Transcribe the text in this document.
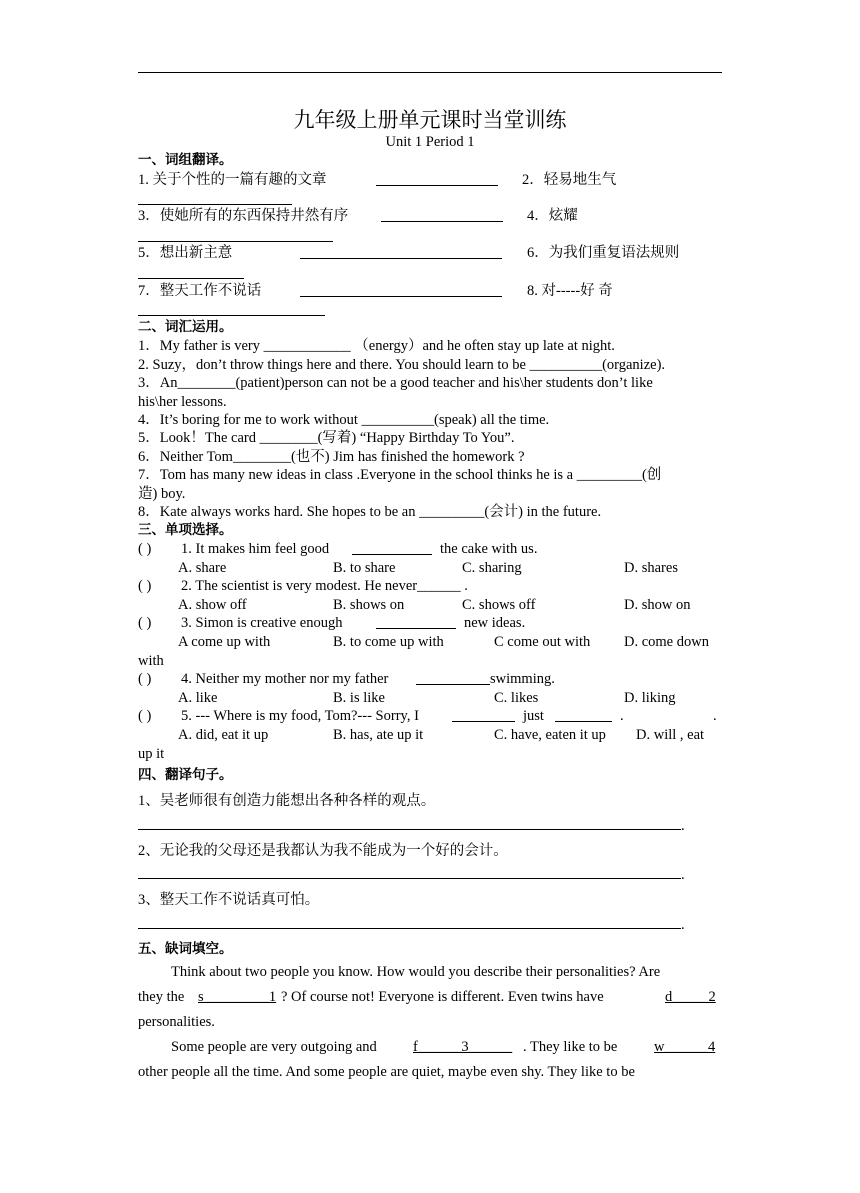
九年级上册单元课时当堂训练
Unit 1 Period 1
一、词组翻译。
1. 关于个性的一篇有趣的文章	2．轻易地生气
3．使她所有的东西保持井然有序	4．炫耀
5．想出新主意	6．为我们重复语法规则
7．整天工作不说话	8. 对-----好 奇
二、词汇运用。
1．My father is very ____________ （energy）and he often stay up late at night.
2. Suzy，don’t throw things here and there. You should learn to be __________(organize).
3．An________(patient)person can not be a good teacher and his\her students don’t like
his\her lessons.
4．It’s boring for me to work without __________(speak) all the time.
5．Look！The card ________(写着) “Happy Birthday To You”.
6．Neither Tom________(也不) Jim has finished the homework ?
7．Tom has many new ideas in class .Everyone in the school thinks he is a _________(创
造) boy.
8．Kate always works hard. She hopes to be an _________(会计) in the future.
三、单项选择。
( ) 1. It makes him feel good	the cake with us.
A. share	B. to share	C. sharing	D. shares
( ) 2. The scientist is very modest. He never______ .
A. show off	B. shows on	C. shows off	D. show on
( ) 3. Simon is creative enough	new ideas.
A come up with	B. to come up with	C come out with D. come down
with
( ) 4. Neither my mother nor my father	swimming.
A. like	B. is like	C. likes	D. liking
( ) 5. --- Where is my food, Tom?--- Sorry, I	just	.	.
A. did, eat it up	B. has, ate up it	C. have, eaten it up D. will , eat
up it
四、翻译句子。
1、吴老师很有创造力能想出各种各样的观点。
.
2、无论我的父母还是我都认为我不能成为一个好的会计。
.
3、整天工作不说话真可怕。
.
五、缺词填空。
Think about two people you know. How would you describe their personalities? Are
they the s_________1 ? Of course not! Everyone is different. Even twins have	d_____2
personalities.
Some people are very outgoing and f______3______ . They like to be	w______4
other people all the time. And some people are quiet, maybe even shy. They like to be
